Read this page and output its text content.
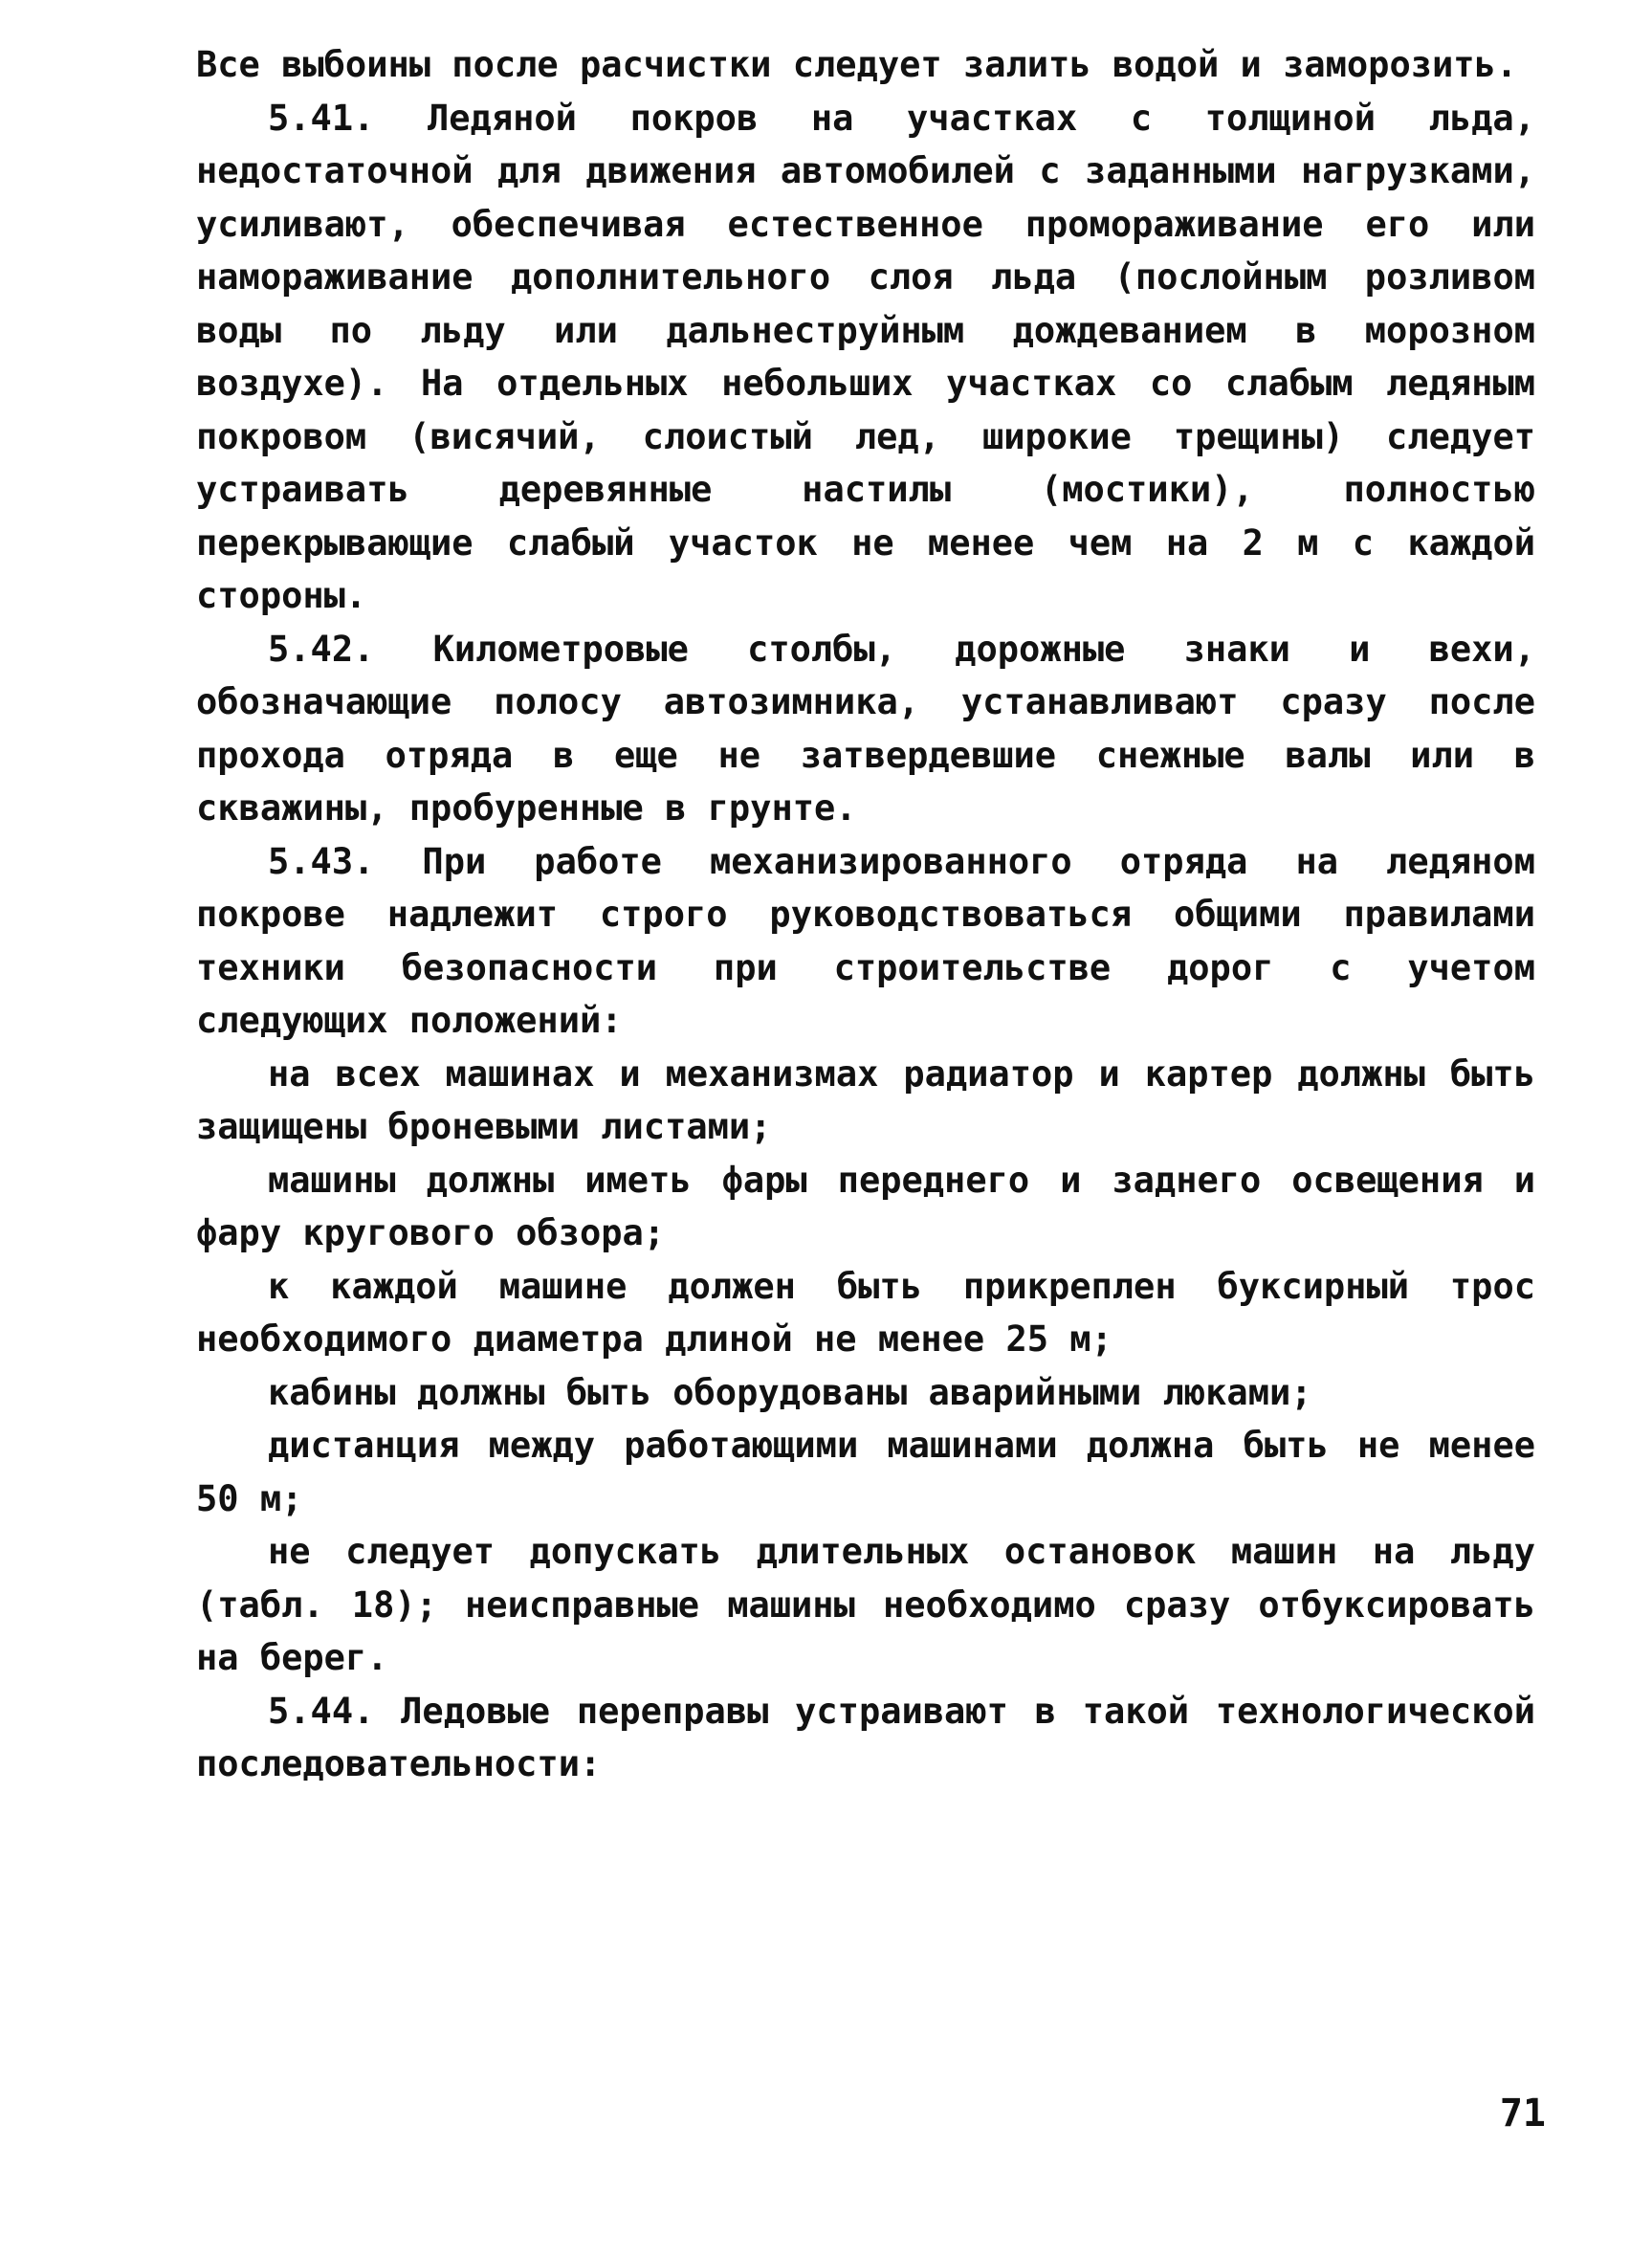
Все выбоины после расчистки следует залить водой и заморозить.

5.41. Ледяной покров на участках с толщиной льда, недостаточной для движения автомобилей с заданными нагрузками, усиливают, обеспечивая естественное промораживание его или намораживание дополнительного слоя льда (послойным розливом воды по льду или дальнеструйным дождеванием в морозном воздухе). На отдельных небольших участках со слабым ледяным покровом (висячий, слоистый лед, широкие трещины) следует устраивать деревянные настилы (мостики), полностью перекрывающие слабый участок не менее чем на 2 м с каждой стороны.

5.42. Километровые столбы, дорожные знаки и вехи, обозначающие полосу автозимника, устанавливают сразу после прохода отряда в еще не затвердевшие снежные валы или в скважины, пробуренные в грунте.

5.43. При работе механизированного отряда на ледяном покрове надлежит строго руководствоваться общими правилами техники безопасности при строительстве дорог с учетом следующих положений:

на всех машинах и механизмах радиатор и картер должны быть защищены броневыми листами;

машины должны иметь фары переднего и заднего освещения и фару кругового обзора;

к каждой машине должен быть прикреплен буксирный трос необходимого диаметра длиной не менее 25 м;

кабины должны быть оборудованы аварийными люками;

дистанция между работающими машинами должна быть не менее 50 м;

не следует допускать длительных остановок машин на льду (табл. 18); неисправные машины необходимо сразу отбуксировать на берег.

5.44. Ледовые переправы устраивают в такой технологической последовательности:

71
